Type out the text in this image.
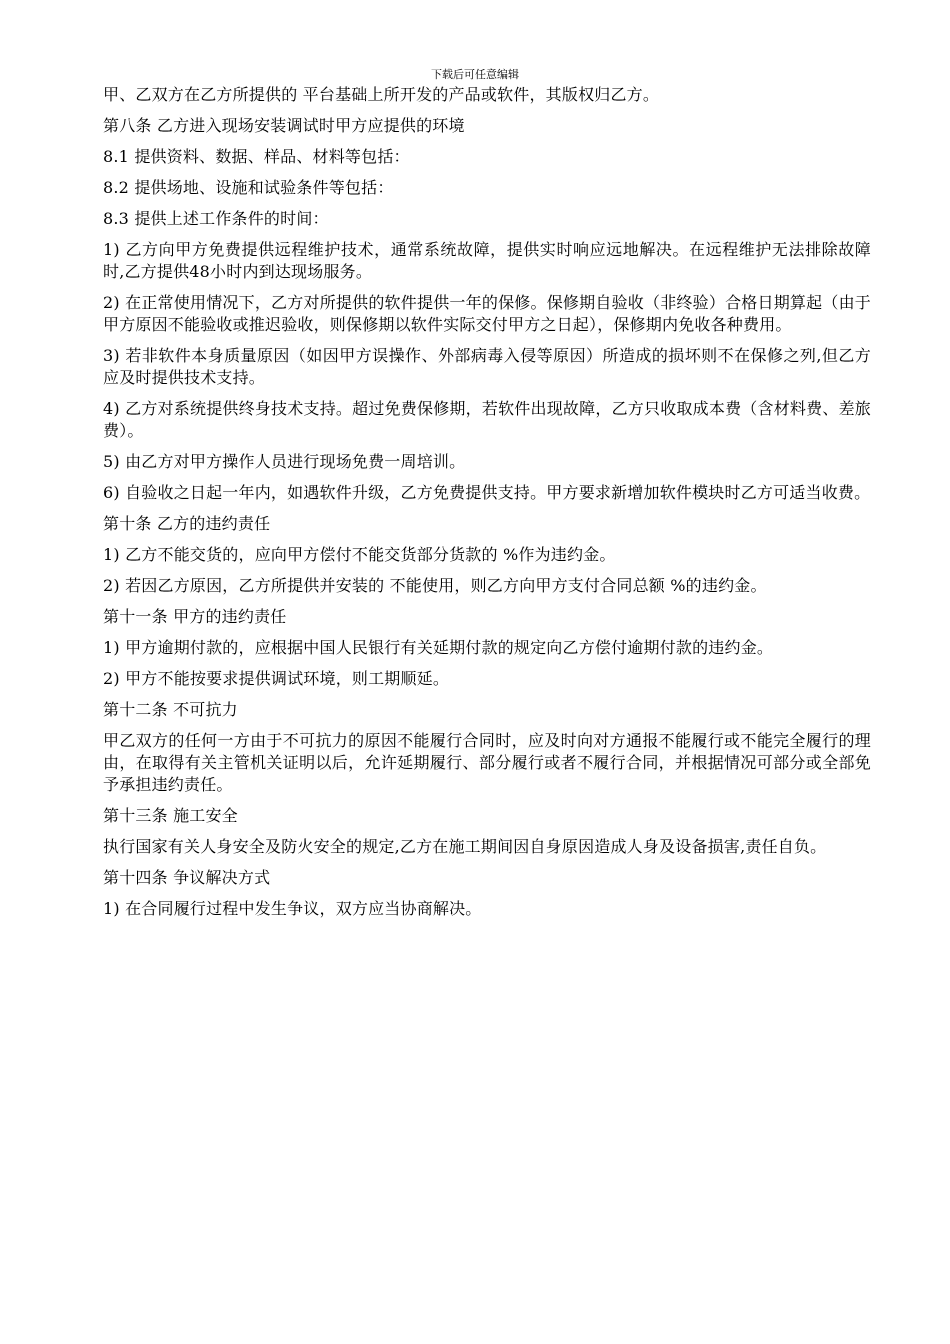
下载后可任意编辑

甲、乙双方在乙方所提供的 平台基础上所开发的产品或软件，其版权归乙方。

第八条 乙方进入现场安装调试时甲方应提供的环境

8.1 提供资料、数据、样品、材料等包括：

8.2 提供场地、设施和试验条件等包括：

8.3 提供上述工作条件的时间：

1) 乙方向甲方免费提供远程维护技术，通常系统故障，提供实时响应远地解决。在远程维护无法排除故障时,乙方提供48小时内到达现场服务。

2) 在正常使用情况下，乙方对所提供的软件提供一年的保修。保修期自验收（非终验）合格日期算起（由于甲方原因不能验收或推迟验收，则保修期以软件实际交付甲方之日起），保修期内免收各种费用。

3) 若非软件本身质量原因（如因甲方误操作、外部病毒入侵等原因）所造成的损坏则不在保修之列,但乙方应及时提供技术支持。

4) 乙方对系统提供终身技术支持。超过免费保修期，若软件出现故障，乙方只收取成本费（含材料费、差旅费）。

5) 由乙方对甲方操作人员进行现场免费一周培训。

6) 自验收之日起一年内，如遇软件升级，乙方免费提供支持。甲方要求新增加软件模块时乙方可适当收费。

第十条 乙方的违约责任

1) 乙方不能交货的，应向甲方偿付不能交货部分货款的 %作为违约金。

2) 若因乙方原因，乙方所提供并安装的 不能使用，则乙方向甲方支付合同总额 %的违约金。

第十一条 甲方的违约责任

1) 甲方逾期付款的，应根据中国人民银行有关延期付款的规定向乙方偿付逾期付款的违约金。

2) 甲方不能按要求提供调试环境，则工期顺延。

第十二条 不可抗力

甲乙双方的任何一方由于不可抗力的原因不能履行合同时，应及时向对方通报不能履行或不能完全履行的理由，在取得有关主管机关证明以后，允许延期履行、部分履行或者不履行合同，并根据情况可部分或全部免予承担违约责任。

第十三条 施工安全

执行国家有关人身安全及防火安全的规定,乙方在施工期间因自身原因造成人身及设备损害,责任自负。

第十四条 争议解决方式

1) 在合同履行过程中发生争议，双方应当协商解决。
